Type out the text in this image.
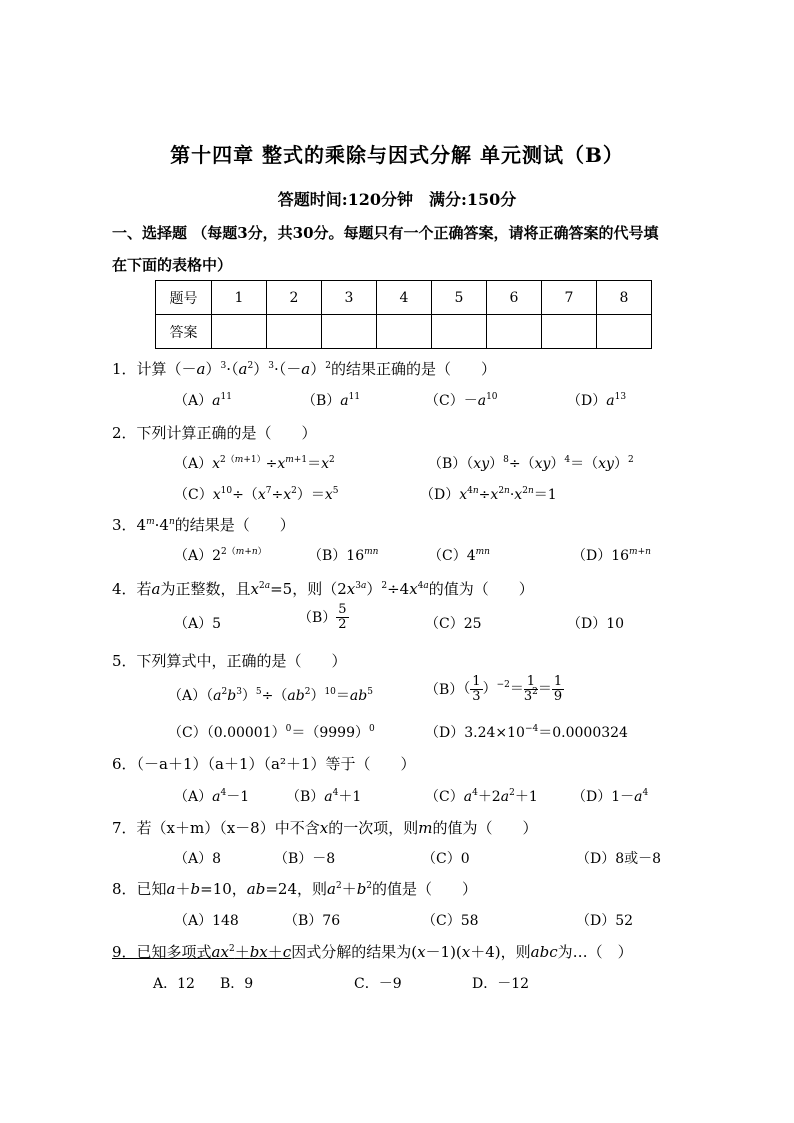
第十四章 整式的乘除与因式分解 单元测试（B）
答题时间:120分钟　满分:150分
一、选择题 （每题3分，共30分。每题只有一个正确答案，请将正确答案的代号填
在下面的表格中）
题号	1	2	3	4	5	6	7	8
答案								
1．计算$(-a)^3\cdot(a^2)^3\cdot(-a)^2$的结果正确的是（　　）
$(A)a^{11}$	$(B)a^{11}$	$(C)-a^{10}$	$(D)a^{13}$
2．下列计算正确的是（　　）
$(A)x^{2(m+1)}\div x^{m+1}=x^2$	（B）（xy）$^8$÷（xy）$^4$＝（xy）$^2$
$(C)x^{10}\div(x^7\div x^2)=x^5$	$(D)x^{4n}\div x^{2n}\cdot x^{2n}=1$
3．$4^m\cdot 4^n$的结果是（　　）
$(A)2^{2(m+n)}$	$(B)16^{mn}$	$(C)4^{mn}$	$(D)16^{m+n}$
4．若a为正整数，且$x^{2a}=5$，则$(2x^{3a})^2\div 4x^{4a}$的值为（　　）
（A）5	$(B) \frac{5}{2}$	（C）25	（D）10
5．下列算式中，正确的是（　　）
$(A)(a^2b^3)^5\div(ab^2)^{10}=ab^5$	$(B)( \frac{1}{3} )^{-2}= \frac{1}{3^2} = \frac{1}{9}$
$(C)(0.00001)^0=(9999)^0$	$(D)3.24\times 10^{-4}=0.0000324$
6．（－a＋1）（a＋1）（a²＋1）等于（　　）
$(A)a^4-1$	$(B)a^4+1$	$(C)a^4+2a^2+1$ $(D)1-a^4$
7．若（x＋m）（x－8）中不含x的一次项，则m的值为（　　）
（A）8	（B）－8	（C）0	（D）8或－8
8．已知a＋b=10，ab=24，则$a^2+b^2$的值是（　　）
（A）148	（B）76	（C）58	（D）52
9．已知多项式$ax^2+bx+c$因式分解的结果为(x－1)(x＋4)，则abc为…（　）
A．12 B．9	C．－9	D．－12
